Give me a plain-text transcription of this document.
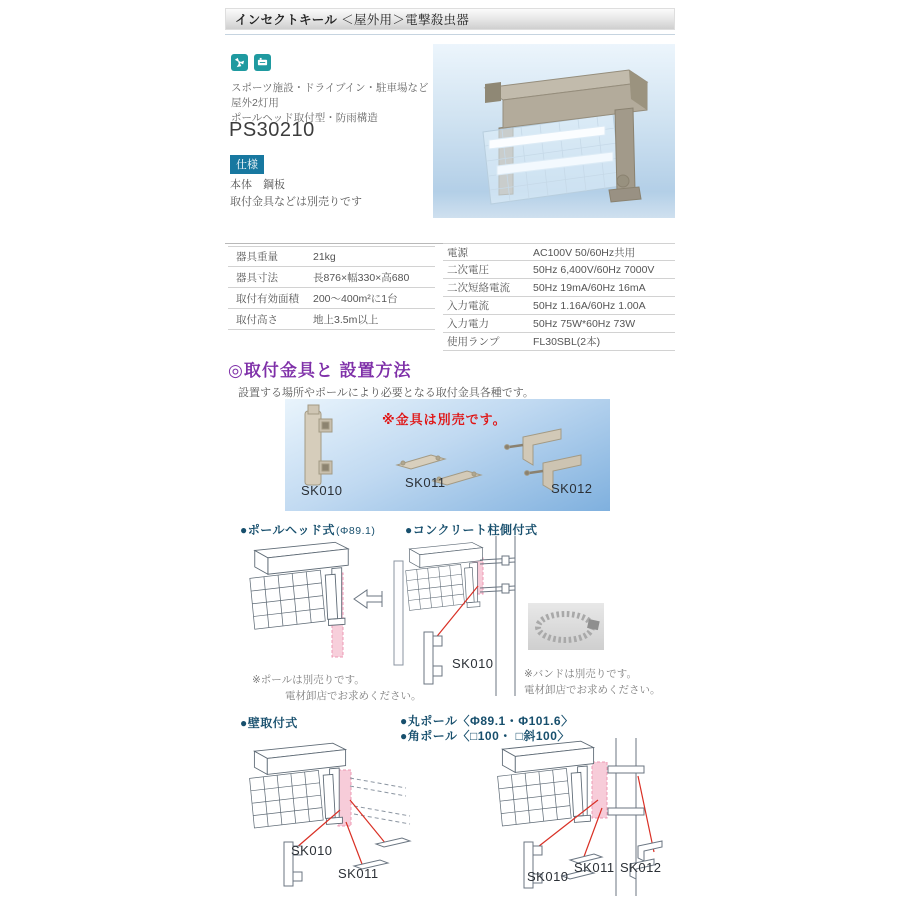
インセクトキール ＜屋外用＞電撃殺虫器
スポーツ施設・ドライブイン・駐車場など
屋外2灯用
ポールヘッド取付型・防雨構造
PS30210
仕様
本体　鋼板
取付金具などは別売りです
器具重量	21kg
器具寸法	長876×幅330×高680
取付有効面積	200〜400m²に1台
取付高さ	地上3.5m以上
電源	AC100V 50/60Hz共用
二次電圧	50Hz 6,400V/60Hz 7000V
二次短絡電流	50Hz 19mA/60Hz 16mA
入力電流	50Hz 1.16A/60Hz 1.00A
入力電力	50Hz 75W*60Hz 73W
使用ランプ	FL30SBL(2本)
◎取付金具と 設置方法
設置する場所やポールにより必要となる取付金具各種です。
※金具は別売です。
SK010
SK011	SK012
●ポールヘッド式(Φ89.1) ●コンクリート柱側付式
※ポールは別売りです。
電材卸店でお求めください。
SK010
※バンドは別売りです。
電材卸店でお求めください。
●壁取付式	●丸ポール〈Φ89.1・Φ101.6〉
●角ポール〈□100・ □斜100〉
SK010
SK011	SK010
SK011 SK012
